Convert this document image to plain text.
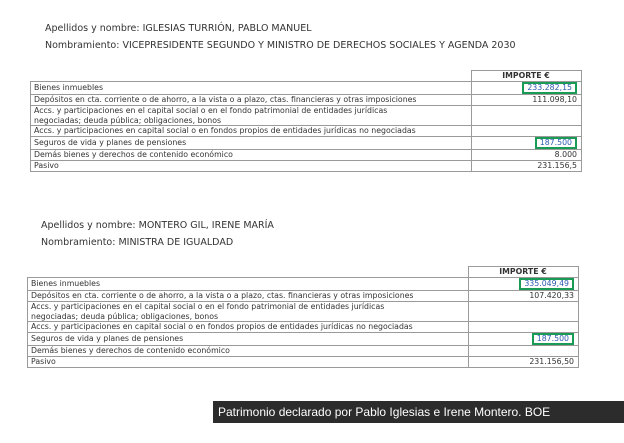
Apellidos y nombre: IGLESIAS TURRIÓN, PABLO MANUEL
Nombramiento: VICEPRESIDENTE SEGUNDO Y MINISTRO DE DERECHOS SOCIALES Y AGENDA 2030
	IMPORTE €
Bienes inmuebles	233.282,15
Depósitos en cta. corriente o de ahorro, a la vista o a plazo, ctas. financieras y otras imposiciones	111.098,10
Accs. y participaciones en el capital social o en el fondo patrimonial de entidades jurídicas negociadas; deuda pública; obligaciones, bonos	
Accs. y participaciones en capital social o en fondos propios de entidades jurídicas no negociadas	
Seguros de vida y planes de pensiones	187.500
Demás bienes y derechos de contenido económico	8.000
Pasivo	231.156,5
Apellidos y nombre: MONTERO GIL, IRENE MARÍA
Nombramiento: MINISTRA DE IGUALDAD
	IMPORTE €
Bienes inmuebles	335.049,49
Depósitos en cta. corriente o de ahorro, a la vista o a plazo, ctas. financieras y otras imposiciones	107.420,33
Accs. y participaciones en el capital social o en el fondo patrimonial de entidades jurídicas negociadas; deuda pública; obligaciones, bonos	
Accs. y participaciones en capital social o en fondos propios de entidades jurídicas no negociadas	
Seguros de vida y planes de pensiones	187.500
Demás bienes y derechos de contenido económico	
Pasivo	231.156,50
Patrimonio declarado por Pablo Iglesias e Irene Montero. BOE
